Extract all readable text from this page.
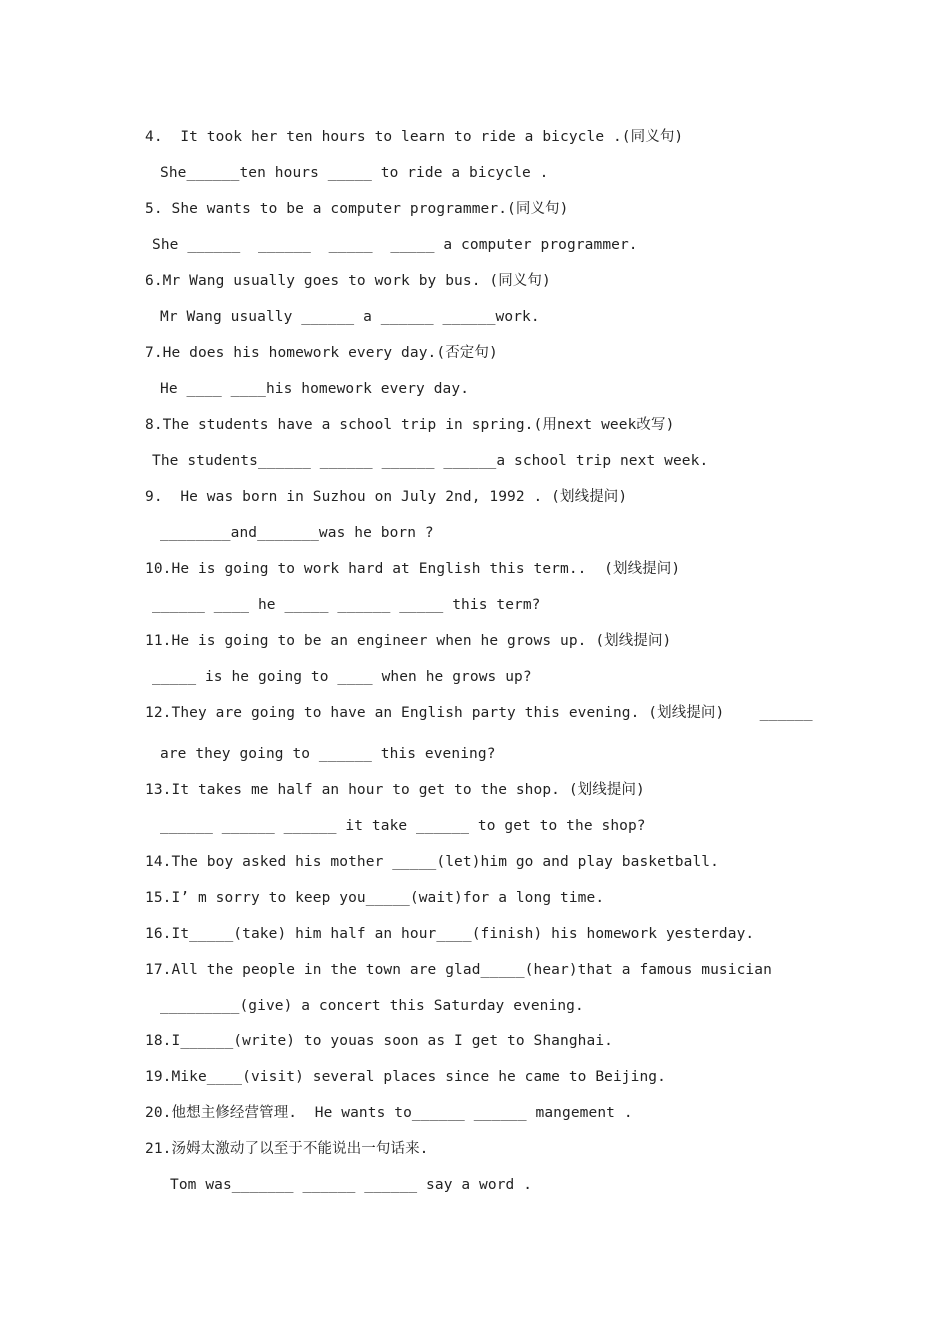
4.  It took her ten hours to learn to ride a bicycle .(同义句)
She______ten hours _____ to ride a bicycle .
5. She wants to be a computer programmer.(同义句)
She ______  ______  _____  _____ a computer programmer.
6.Mr Wang usually goes to work by bus. (同义句)
Mr Wang usually ______ a ______ ______work.
7.He does his homework every day.(否定句)
He ____ ____his homework every day.
8.The students have a school trip in spring.(用next week改写)
The students______ ______ ______ ______a school trip next week.
9.  He was born in Suzhou on July 2nd, 1992 . (划线提问)
________and_______was he born ?
10.He is going to work hard at English this term..  (划线提问)
______ ____ he _____ ______ _____ this term?
11.He is going to be an engineer when he grows up. (划线提问)
_____ is he going to ____ when he grows up?
12.They are going to have an English party this evening. (划线提问)    ______
are they going to ______ this evening?
13.It takes me half an hour to get to the shop. (划线提问)
______ ______ ______ it take ______ to get to the shop?
14.The boy asked his mother _____(let)him go and play basketball.
15.I’ m sorry to keep you_____(wait)for a long time.
16.It_____(take) him half an hour____(finish) his homework yesterday.
17.All the people in the town are glad_____(hear)that a famous musician
_________(give) a concert this Saturday evening.
18.I______(write) to youas soon as I get to Shanghai.
19.Mike____(visit) several places since he came to Beijing.
20.他想主修经营管理.  He wants to______ ______ mangement .
21.汤姆太激动了以至于不能说出一句话来.
Tom was_______ ______ ______ say a word .
